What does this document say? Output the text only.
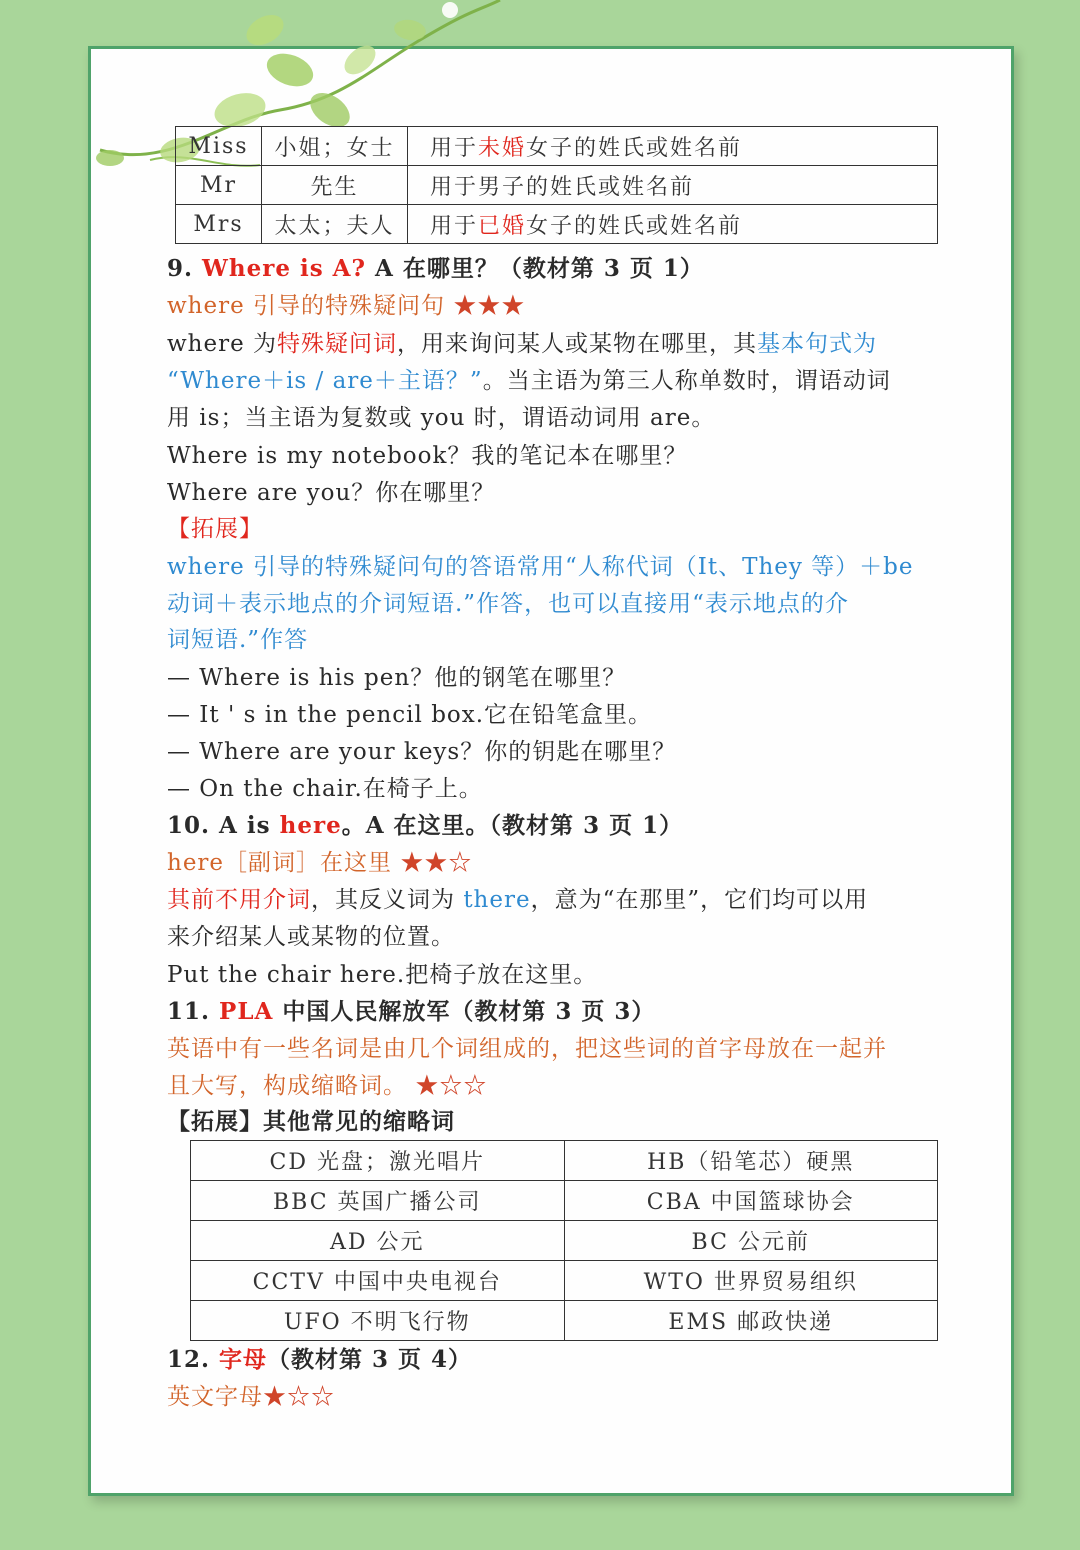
Miss	小姐；女士	用于未婚女子的姓氏或姓名前
Mr	先生	用于男子的姓氏或姓名前
Mrs	太太；夫人	用于已婚女子的姓氏或姓名前
9. Where is A? A 在哪里？（教材第 3 页 1）
where 引导的特殊疑问句 ★★★
where 为特殊疑问词，用来询问某人或某物在哪里，其基本句式为
“Where＋is / are＋主语？”。当主语为第三人称单数时，谓语动词
用 is；当主语为复数或 you 时，谓语动词用 are。
Where is my notebook？我的笔记本在哪里？
Where are you？你在哪里？
【拓展】
where 引导的特殊疑问句的答语常用“人称代词（It、They 等）＋be
动词＋表示地点的介词短语.”作答，也可以直接用“表示地点的介
词短语.”作答
— Where is his pen？他的钢笔在哪里？
— It ' s in the pencil box.它在铅笔盒里。
— Where are your keys？你的钥匙在哪里？
— On the chair.在椅子上。
10. A is here。A 在这里。（教材第 3 页 1）
here［副词］在这里 ★★☆
其前不用介词，其反义词为 there，意为“在那里”，它们均可以用
来介绍某人或某物的位置。
Put the chair here.把椅子放在这里。
11. PLA 中国人民解放军（教材第 3 页 3）
英语中有一些名词是由几个词组成的，把这些词的首字母放在一起并
且大写，构成缩略词。 ★☆☆
【拓展】其他常见的缩略词
12. 字母（教材第 3 页 4）
英文字母★☆☆
CD 光盘；激光唱片	HB（铅笔芯）硬黑
BBC 英国广播公司	CBA 中国篮球协会
AD 公元	BC 公元前
CCTV 中国中央电视台	WTO 世界贸易组织
UFO 不明飞行物	EMS 邮政快递
